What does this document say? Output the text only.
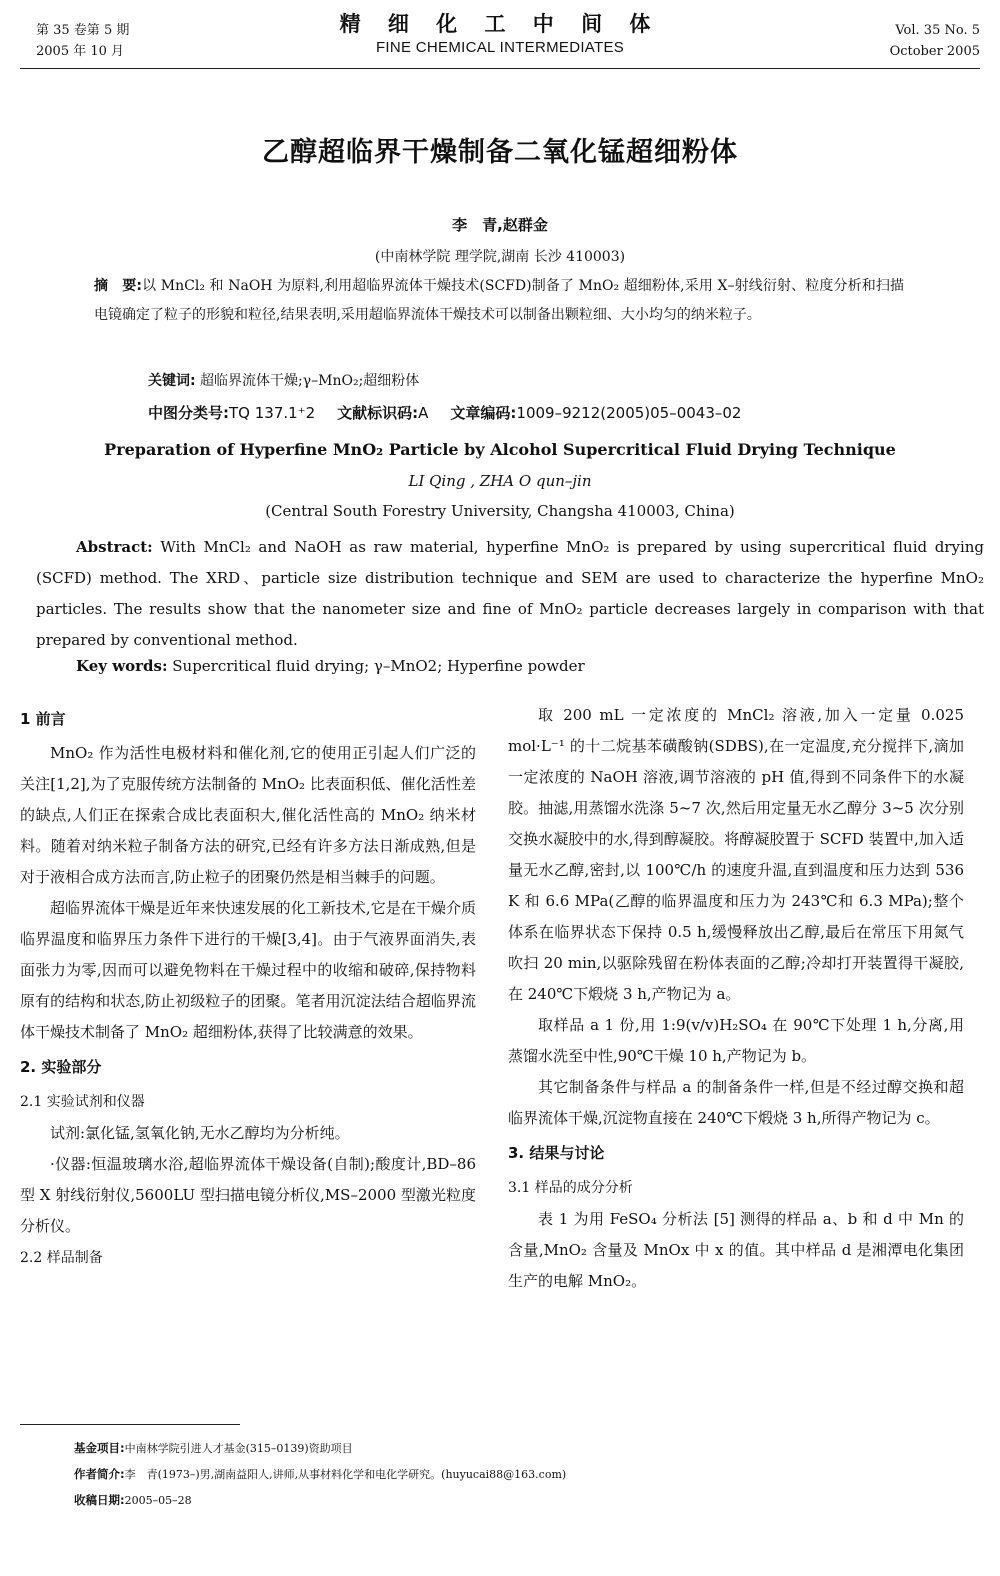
第 35 卷第 5 期
2005 年 10 月
精 细 化 工 中 间 体
FINE CHEMICAL INTERMEDIATES
Vol. 35 No. 5
October 2005
乙醇超临界干燥制备二氧化锰超细粉体
李　青,赵群金
(中南林学院 理学院,湖南 长沙 410003)
摘　要:以 MnCl₂ 和 NaOH 为原料,利用超临界流体干燥技术(SCFD)制备了 MnO₂ 超细粉体,采用 X–射线衍射、粒度分析和扫描电镜确定了粒子的形貌和粒径,结果表明,采用超临界流体干燥技术可以制备出颗粒细、大小均匀的纳米粒子。
关键词: 超临界流体干燥;γ–MnO₂;超细粉体
中图分类号:TQ 137.1⁺2 文献标识码:A 文章编码:1009–9212(2005)05–0043–02
Preparation of Hyperfine MnO₂ Particle by Alcohol Supercritical Fluid Drying Technique
LI Qing , ZHA O qun–jin
(Central South Forestry University, Changsha 410003, China)
Abstract: With MnCl₂ and NaOH as raw material, hyperfine MnO₂ is prepared by using supercritical fluid drying (SCFD) method. The XRD、particle size distribution technique and SEM are used to characterize the hyperfine MnO₂ particles. The results show that the nanometer size and fine of MnO₂ particle decreases largely in comparison with that prepared by conventional method.
Key words: Supercritical fluid drying; γ–MnO2; Hyperfine powder
1 前言

MnO₂ 作为活性电极材料和催化剂,它的使用正引起人们广泛的关注[1,2],为了克服传统方法制备的 MnO₂ 比表面积低、催化活性差的缺点,人们正在探索合成比表面积大,催化活性高的 MnO₂ 纳米材料。随着对纳米粒子制备方法的研究,已经有许多方法日渐成熟,但是对于液相合成方法而言,防止粒子的团聚仍然是相当棘手的问题。

超临界流体干燥是近年来快速发展的化工新技术,它是在干燥介质临界温度和临界压力条件下进行的干燥[3,4]。由于气液界面消失,表面张力为零,因而可以避免物料在干燥过程中的收缩和破碎,保持物料原有的结构和状态,防止初级粒子的团聚。笔者用沉淀法结合超临界流体干燥技术制备了 MnO₂ 超细粉体,获得了比较满意的效果。

2. 实验部分
2.1 实验试剂和仪器

试剂:氯化锰,氢氧化钠,无水乙醇均为分析纯。

·仪器:恒温玻璃水浴,超临界流体干燥设备(自制);酸度计,BD–86 型 X 射线衍射仪,5600LU 型扫描电镜分析仪,MS–2000 型激光粒度分析仪。

2.2 样品制备

取 200 mL 一定浓度的 MnCl₂ 溶液,加入一定量 0.025 mol·L⁻¹ 的十二烷基苯磺酸钠(SDBS),在一定温度,充分搅拌下,滴加一定浓度的 NaOH 溶液,调节溶液的 pH 值,得到不同条件下的水凝胶。抽滤,用蒸馏水洗涤 5~7 次,然后用定量无水乙醇分 3~5 次分别交换水凝胶中的水,得到醇凝胶。将醇凝胶置于 SCFD 装置中,加入适量无水乙醇,密封,以 100℃/h 的速度升温,直到温度和压力达到 536 K 和 6.6 MPa(乙醇的临界温度和压力为 243℃和 6.3 MPa);整个体系在临界状态下保持 0.5 h,缓慢释放出乙醇,最后在常压下用氮气吹扫 20 min,以驱除残留在粉体表面的乙醇;冷却打开装置得干凝胶,在 240℃下煅烧 3 h,产物记为 a。

取样品 a 1 份,用 1:9(v/v)H₂SO₄ 在 90℃下处理 1 h,分离,用蒸馏水洗至中性,90℃干燥 10 h,产物记为 b。

其它制备条件与样品 a 的制备条件一样,但是不经过醇交换和超临界流体干燥,沉淀物直接在 240℃下煅烧 3 h,所得产物记为 c。

3. 结果与讨论
3.1 样品的成分分析

表 1 为用 FeSO₄ 分析法 [5] 测得的样品 a、b 和 d 中 Mn 的含量,MnO₂ 含量及 MnOx 中 x 的值。其中样品 d 是湘潭电化集团生产的电解 MnO₂。

基金项目:中南林学院引进人才基金(315–0139)资助项目
作者简介:李　青(1973–)男,湖南益阳人,讲师,从事材料化学和电化学研究。(huyucai88@163.com)
收稿日期:2005–05–28
